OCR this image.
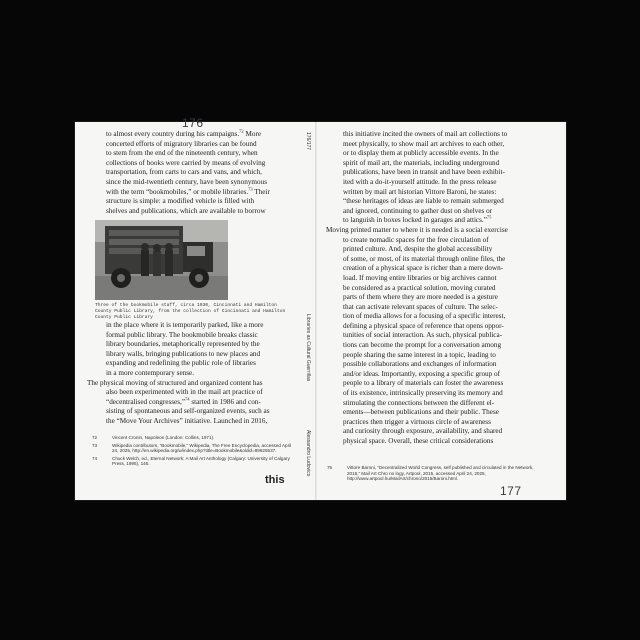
176

to almost every country during his campaigns.$^{72}$ More
concerted efforts of migratory libraries can be found
to stem from the end of the nineteenth century, when
collections of books were carried by means of evolving
transportation, from carts to cars and vans, and which,
since the mid-twentieth century, have been synonymous
with the term “bookmobiles,” or mobile libraries.$^{73}$ Their
structure is simple: a modified vehicle is filled with
shelves and publications, which are available to borrow

Three of the bookmobile staff, circa 1930, Cincinnati and Hamilton County Public Library, from the collection of Cincinnati and Hamilton County Public Library

in the place where it is temporarily parked, like a more
formal public library. The bookmobile breaks classic
library boundaries, metaphorically represented by the
library walls, bringing publications to new places and
expanding and redefining the public role of libraries
in a more contemporary sense.

The physical moving of structured and organized content has

also been experimented with in the mail art practice of
“decentralised congresses,”$^{74}$ started in 1986 and con-
sisting of spontaneous and self-organized events, such as
the “Move Your Archives” initiative. Launched in 2016,

72	Vincent Cronin, Napoleon (London: Collins, 1971).
73	Wikipedia contributors, “Bookmobile,” Wikipedia, The Free Encyclopedia, accessed April 24, 2025, http://en.wikipedia.org/w/index.php?title=Bookmobile&oldid=89625537.
74	Chuck Welch, ed., Eternal Network: A Mail Art Anthology (Calgary: University of Calgary Press, 1995), 145.
this
176/177
Libraries as Cultural Guerrillas
Alessandro Ludovico

this initiative incited the owners of mail art collections to
meet physically, to show mail art archives to each other,
or to display them at publicly accessible events. In the
spirit of mail art, the materials, including underground
publications, have been in transit and have been exhibit-
ited with a do-it-yourself attitude. In the press release
written by mail art historian Vittore Baroni, he states:
“these heritages of ideas are liable to remain submerged
and ignored, continuing to gather dust on shelves or
to languish in boxes locked in garages and attics.”$^{75}$

Moving printed matter to where it is needed is a social exercise

to create nomadic spaces for the free circulation of
printed culture. And, despite the global accessibility
of some, or most, of its material through online files, the
creation of a physical space is richer than a mere down-
load. If moving entire libraries or big archives cannot
be considered as a practical solution, moving curated
parts of them where they are more needed is a gesture
that can activate relevant spaces of culture. The selec-
tion of media allows for a focusing of a specific interest,
defining a physical space of reference that opens oppor-
tunities of social interaction. As such, physical publica-
tions can become the prompt for a conversation among
people sharing the same interest in a topic, leading to
possible collaborations and exchanges of information
and/or ideas. Importantly, exposing a specific group of
people to a library of materials can foster the awareness
of its existence, intrinsically preserving its memory and
stimulating the connections between the different el-
ements—between publications and their public. These
practices then trigger a virtuous circle of awareness
and curiosity through exposure, availability, and shared
physical space. Overall, these critical considerations

75	Vittore Baroni, “Decentralized World Congress, self published and circulated in the Network, 2016,” Mail Art Chro no logy, Artpool, 2015, accessed April 24, 2025, http://www.artpool.hu/MailArt/chrono/2015/Baroni.html.
177
